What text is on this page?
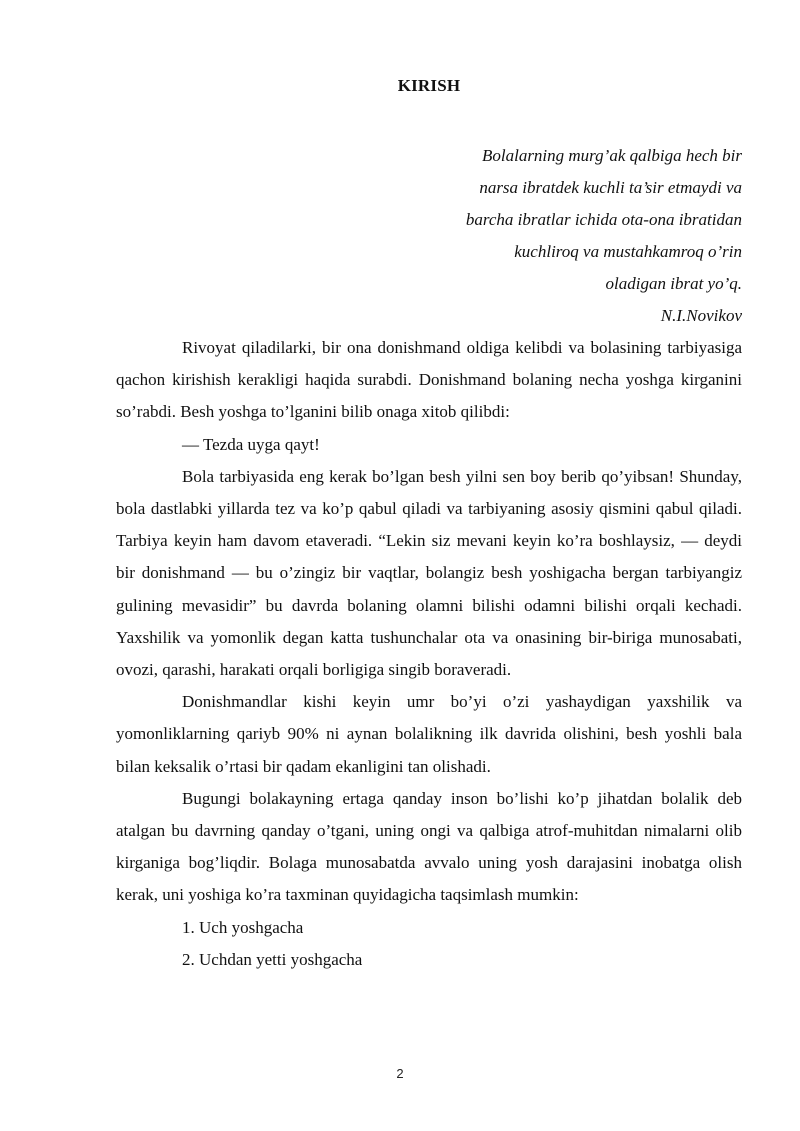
KIRISH
Bolalarning murg’ak qalbiga hech bir
narsa ibratdek kuchli ta’sir etmaydi va
barcha ibratlar ichida ota-ona ibratidan
kuchliroq va mustahkamroq o’rin
oladigan ibrat yo’q.
N.I.Novikov

Rivoyat qiladilarki, bir ona donishmand oldiga kelibdi va bolasining tarbiyasiga qachon kirishish kerakligi haqida surabdi. Donishmand bolaning necha yoshga kirganini so’rabdi. Besh yoshga to’lganini bilib onaga xitob qilibdi:

— Tezda uyga qayt!

Bola tarbiyasida eng kerak bo’lgan besh yilni sen boy berib qo’yibsan! Shunday, bola dastlabki yillarda tez va ko’p qabul qiladi va tarbiyaning asosiy qismini qabul qiladi. Tarbiya keyin ham davom etaveradi. “Lekin siz mevani keyin ko’ra boshlaysiz, — deydi bir donishmand — bu o’zingiz bir vaqtlar, bolangiz besh yoshigacha bergan tarbiyangiz gulining mevasidir” bu davrda bolaning olamni bilishi odamni bilishi orqali kechadi. Yaxshilik va yomonlik degan katta tushunchalar ota va onasining bir-biriga munosabati, ovozi, qarashi, harakati orqali borligiga singib boraveradi.

Donishmandlar kishi keyin umr bo’yi o’zi yashaydigan yaxshilik va yomonliklarning qariyb 90% ni aynan bolalikning ilk davrida olishini, besh yoshli bala bilan keksalik o’rtasi bir qadam ekanligini tan olishadi.

Bugungi bolakayning ertaga qanday inson bo’lishi ko’p jihatdan bolalik deb atalgan bu davrning qanday o’tgani, uning ongi va qalbiga atrof-muhitdan nimalarni olib kirganiga bog’liqdir. Bolaga munosabatda avvalo uning yosh darajasini inobatga olish kerak, uni yoshiga ko’ra taxminan quyidagicha taqsimlash mumkin:

1. Uch yoshgacha

2. Uchdan yetti yoshgacha

2
